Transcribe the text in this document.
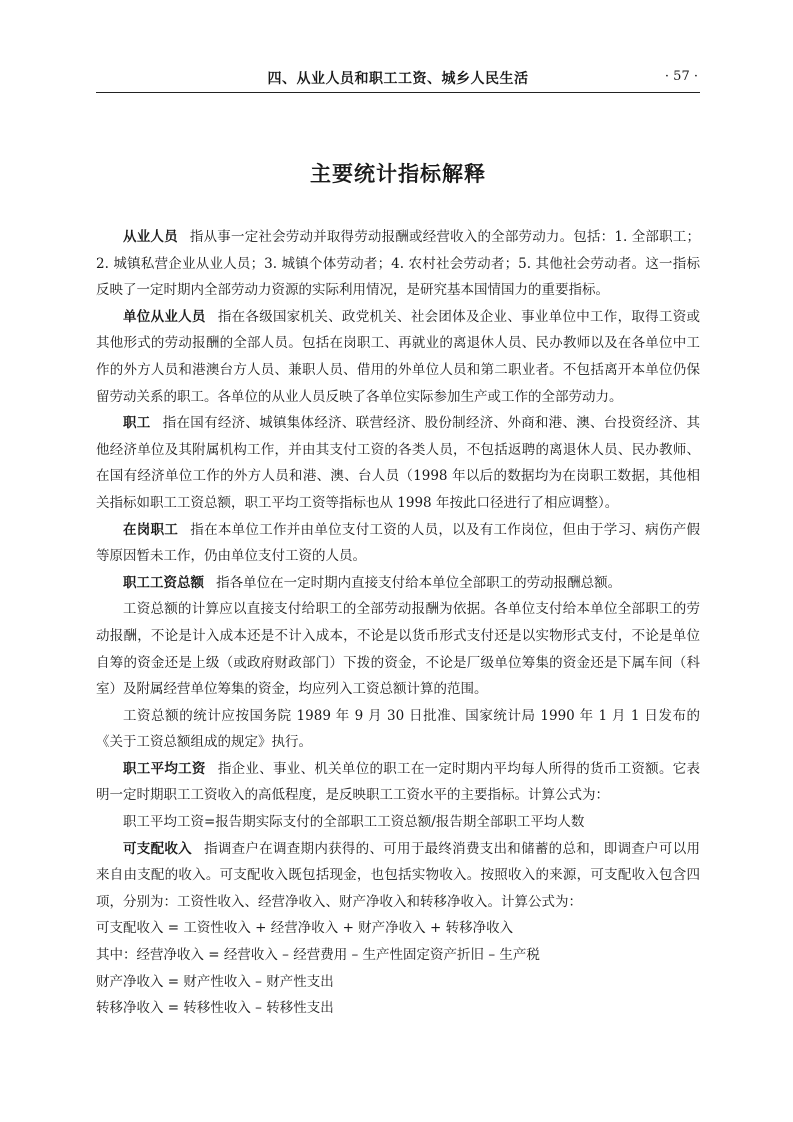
四、从业人员和职工工资、城乡人民生活	· 57 ·
主要统计指标解释

从业人员 指从事一定社会劳动并取得劳动报酬或经营收入的全部劳动力。包括：1. 全部职工；2. 城镇私营企业从业人员；3. 城镇个体劳动者；4. 农村社会劳动者；5. 其他社会劳动者。这一指标反映了一定时期内全部劳动力资源的实际利用情况，是研究基本国情国力的重要指标。

单位从业人员 指在各级国家机关、政党机关、社会团体及企业、事业单位中工作，取得工资或其他形式的劳动报酬的全部人员。包括在岗职工、再就业的离退休人员、民办教师以及在各单位中工作的外方人员和港澳台方人员、兼职人员、借用的外单位人员和第二职业者。不包括离开本单位仍保留劳动关系的职工。各单位的从业人员反映了各单位实际参加生产或工作的全部劳动力。

职工 指在国有经济、城镇集体经济、联营经济、股份制经济、外商和港、澳、台投资经济、其他经济单位及其附属机构工作，并由其支付工资的各类人员，不包括返聘的离退休人员、民办教师、在国有经济单位工作的外方人员和港、澳、台人员（1998 年以后的数据均为在岗职工数据，其他相关指标如职工工资总额，职工平均工资等指标也从 1998 年按此口径进行了相应调整）。

在岗职工 指在本单位工作并由单位支付工资的人员，以及有工作岗位，但由于学习、病伤产假等原因暂未工作，仍由单位支付工资的人员。

职工工资总额 指各单位在一定时期内直接支付给本单位全部职工的劳动报酬总额。

工资总额的计算应以直接支付给职工的全部劳动报酬为依据。各单位支付给本单位全部职工的劳动报酬，不论是计入成本还是不计入成本，不论是以货币形式支付还是以实物形式支付，不论是单位自筹的资金还是上级（或政府财政部门）下拨的资金，不论是厂级单位筹集的资金还是下属车间（科室）及附属经营单位筹集的资金，均应列入工资总额计算的范围。

工资总额的统计应按国务院 1989 年 9 月 30 日批准、国家统计局 1990 年 1 月 1 日发布的《关于工资总额组成的规定》执行。

职工平均工资 指企业、事业、机关单位的职工在一定时期内平均每人所得的货币工资额。它表明一定时期职工工资收入的高低程度，是反映职工工资水平的主要指标。计算公式为：

职工平均工资=报告期实际支付的全部职工工资总额/报告期全部职工平均人数

可支配收入 指调查户在调查期内获得的、可用于最终消费支出和储蓄的总和，即调查户可以用来自由支配的收入。可支配收入既包括现金，也包括实物收入。按照收入的来源，可支配收入包含四项，分别为：工资性收入、经营净收入、财产净收入和转移净收入。计算公式为：

可支配收入 = 工资性收入 + 经营净收入 + 财产净收入 + 转移净收入

其中：经营净收入 = 经营收入 – 经营费用 – 生产性固定资产折旧 – 生产税

财产净收入 = 财产性收入 – 财产性支出

转移净收入 = 转移性收入 – 转移性支出
